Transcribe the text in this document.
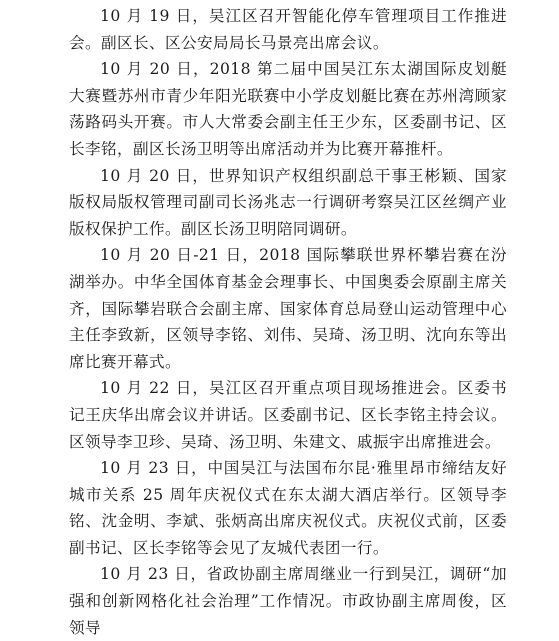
10 月 19 日，吴江区召开智能化停车管理项目工作推进会。副区长、区公安局局长马景亮出席会议。

10 月 20 日，2018 第二届中国吴江东太湖国际皮划艇大赛暨苏州市青少年阳光联赛中小学皮划艇比赛在苏州湾顾家荡路码头开赛。市人大常委会副主任王少东，区委副书记、区长李铭，副区长汤卫明等出席活动并为比赛开幕推杆。

10 月 20 日，世界知识产权组织副总干事王彬颖、国家版权局版权管理司副司长汤兆志一行调研考察吴江区丝绸产业版权保护工作。副区长汤卫明陪同调研。

10 月 20 日-21 日，2018 国际攀联世界杯攀岩赛在汾湖举办。中华全国体育基金会理事长、中国奥委会原副主席关齐，国际攀岩联合会副主席、国家体育总局登山运动管理中心主任李致新，区领导李铭、刘伟、吴琦、汤卫明、沈向东等出席比赛开幕式。

10 月 22 日，吴江区召开重点项目现场推进会。区委书记王庆华出席会议并讲话。区委副书记、区长李铭主持会议。区领导李卫珍、吴琦、汤卫明、朱建文、戚振宇出席推进会。

10 月 23 日，中国吴江与法国布尔昆·雅里昂市缔结友好城市关系 25 周年庆祝仪式在东太湖大酒店举行。区领导李铭、沈金明、李斌、张炳高出席庆祝仪式。庆祝仪式前，区委副书记、区长李铭等会见了友城代表团一行。

10 月 23 日，省政协副主席周继业一行到吴江，调研“加强和创新网格化社会治理”工作情况。市政协副主席周俊，区领导
